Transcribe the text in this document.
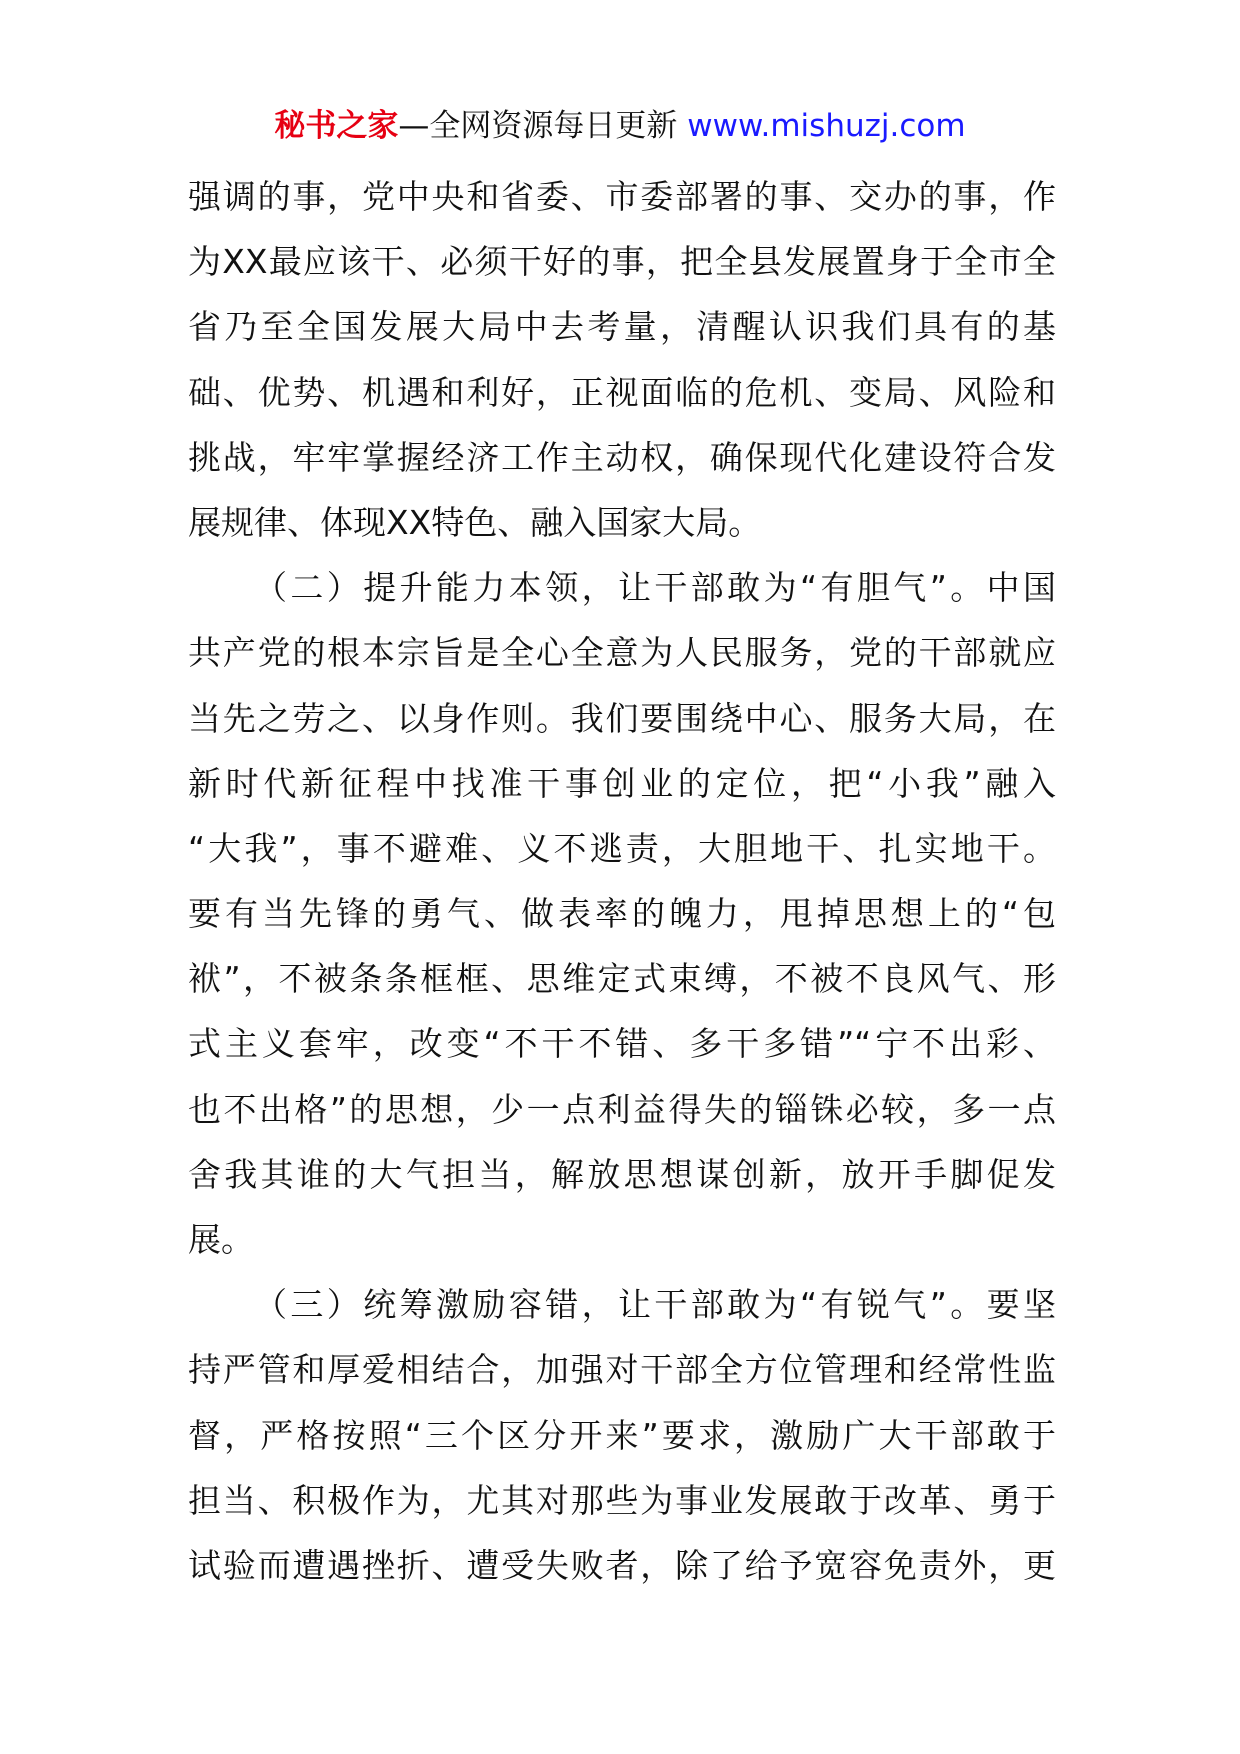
秘书之家—全网资源每日更新 www.mishuzj.com
强调的事，党中央和省委、市委部署的事、交办的事，作
为XX最应该干、必须干好的事，把全县发展置身于全市全
省乃至全国发展大局中去考量，清醒认识我们具有的基
础、优势、机遇和利好，正视面临的危机、变局、风险和
挑战，牢牢掌握经济工作主动权，确保现代化建设符合发
展规律、体现XX特色、融入国家大局。
（二）提升能力本领，让干部敢为“有胆气”。中国
共产党的根本宗旨是全心全意为人民服务，党的干部就应
当先之劳之、以身作则。我们要围绕中心、服务大局，在
新时代新征程中找准干事创业的定位，把“小我”融入
“大我”，事不避难、义不逃责，大胆地干、扎实地干。
要有当先锋的勇气、做表率的魄力，甩掉思想上的“包
袱”，不被条条框框、思维定式束缚，不被不良风气、形
式主义套牢，改变“不干不错、多干多错”“宁不出彩、
也不出格”的思想，少一点利益得失的锱铢必较，多一点
舍我其谁的大气担当，解放思想谋创新，放开手脚促发
展。
（三）统筹激励容错，让干部敢为“有锐气”。要坚
持严管和厚爱相结合，加强对干部全方位管理和经常性监
督，严格按照“三个区分开来”要求，激励广大干部敢于
担当、积极作为，尤其对那些为事业发展敢于改革、勇于
试验而遭遇挫折、遭受失败者，除了给予宽容免责外，更
